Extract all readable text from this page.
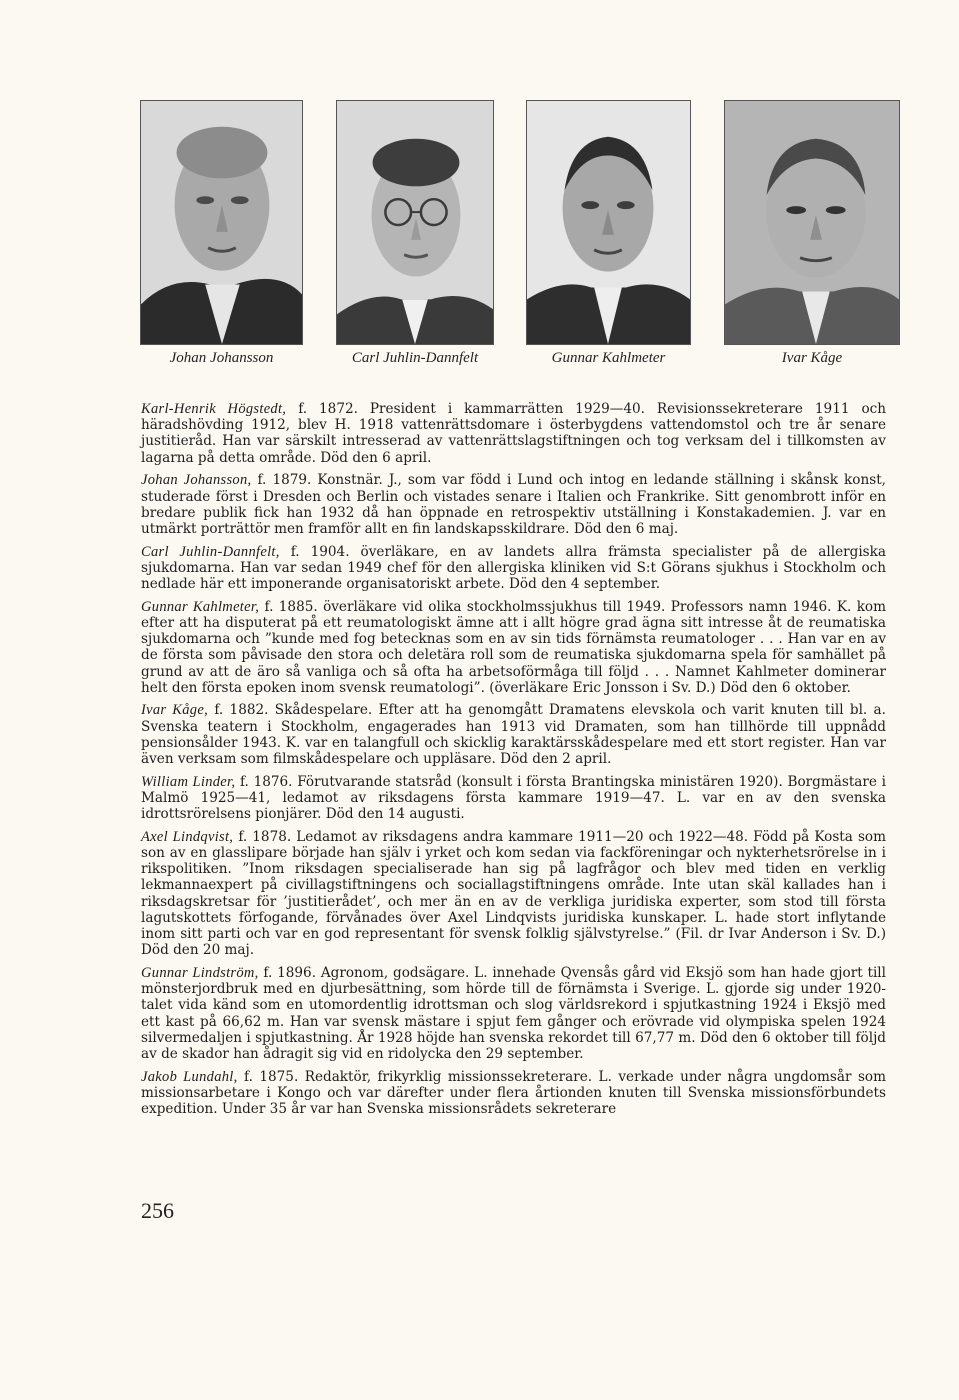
Johan Johansson	Carl Juhlin-Dannfelt	Gunnar Kahlmeter	Ivar Kåge

Karl-Henrik Högstedt, f. 1872. President i kammarrätten 1929—40. Revisionssekreterare 1911 och häradshövding 1912, blev H. 1918 vattenrättsdomare i österbygdens vattendomstol och tre år senare justitieråd. Han var särskilt intresserad av vattenrättslagstiftningen och tog verksam del i tillkomsten av lagarna på detta område. Död den 6 april.

Johan Johansson, f. 1879. Konstnär. J., som var född i Lund och intog en ledande ställning i skånsk konst, studerade först i Dresden och Berlin och vistades senare i Italien och Frankrike. Sitt genombrott inför en bredare publik fick han 1932 då han öppnade en retrospektiv utställning i Konstakademien. J. var en utmärkt porträttör men framför allt en fin landskapsskildrare. Död den 6 maj.

Carl Juhlin-Dannfelt, f. 1904. överläkare, en av landets allra främsta specialister på de allergiska sjukdomarna. Han var sedan 1949 chef för den allergiska kliniken vid S:t Görans sjukhus i Stockholm och nedlade här ett imponerande organisatoriskt arbete. Död den 4 september.

Gunnar Kahlmeter, f. 1885. överläkare vid olika stockholmssjukhus till 1949. Professors namn 1946. K. kom efter att ha disputerat på ett reumatologiskt ämne att i allt högre grad ägna sitt intresse åt de reumatiska sjukdomarna och ”kunde med fog betecknas som en av sin tids förnämsta reumatologer . . . Han var en av de första som påvisade den stora och deletära roll som de reumatiska sjukdomarna spela för samhället på grund av att de äro så vanliga och så ofta ha arbetsoförmåga till följd . . . Namnet Kahlmeter dominerar helt den första epoken inom svensk reumatologi”. (överläkare Eric Jonsson i Sv. D.) Död den 6 oktober.

Ivar Kåge, f. 1882. Skådespelare. Efter att ha genomgått Dramatens elevskola och varit knuten till bl. a. Svenska teatern i Stockholm, engagerades han 1913 vid Dramaten, som han tillhörde till uppnådd pensionsålder 1943. K. var en talangfull och skicklig karaktärsskådespelare med ett stort register. Han var även verksam som filmskådespelare och uppläsare. Död den 2 april.

William Linder, f. 1876. Förutvarande statsråd (konsult i första Brantingska ministären 1920). Borgmästare i Malmö 1925—41, ledamot av riksdagens första kammare 1919—47. L. var en av den svenska idrottsrörelsens pionjärer. Död den 14 augusti.

Axel Lindqvist, f. 1878. Ledamot av riksdagens andra kammare 1911—20 och 1922—48. Född på Kosta som son av en glasslipare började han själv i yrket och kom sedan via fackföreningar och nykterhetsrörelse in i rikspolitiken. ”Inom riksdagen specialiserade han sig på lagfrågor och blev med tiden en verklig lekmannaexpert på civillagstiftningens och sociallagstiftningens område. Inte utan skäl kallades han i riksdagskretsar för ’justitierådet’, och mer än en av de verkliga juridiska experter, som stod till första lagutskottets förfogande, förvånades över Axel Lindqvists juridiska kunskaper. L. hade stort inflytande inom sitt parti och var en god representant för svensk folklig självstyrelse.” (Fil. dr Ivar Anderson i Sv. D.) Död den 20 maj.

Gunnar Lindström, f. 1896. Agronom, godsägare. L. innehade Qvensås gård vid Eksjö som han hade gjort till mönsterjordbruk med en djurbesättning, som hörde till de förnämsta i Sverige. L. gjorde sig under 1920-talet vida känd som en utomordentlig idrottsman och slog världsrekord i spjutkastning 1924 i Eksjö med ett kast på 66,62 m. Han var svensk mästare i spjut fem gånger och erövrade vid olympiska spelen 1924 silvermedaljen i spjutkastning. År 1928 höjde han svenska rekordet till 67,77 m. Död den 6 oktober till följd av de skador han ådragit sig vid en ridolycka den 29 september.

Jakob Lundahl, f. 1875. Redaktör, frikyrklig missionssekreterare. L. verkade under några ungdomsår som missionsarbetare i Kongo och var därefter under flera årtionden knuten till Svenska missionsförbundets expedition. Under 35 år var han Svenska missionsrådets sekreterare

256
